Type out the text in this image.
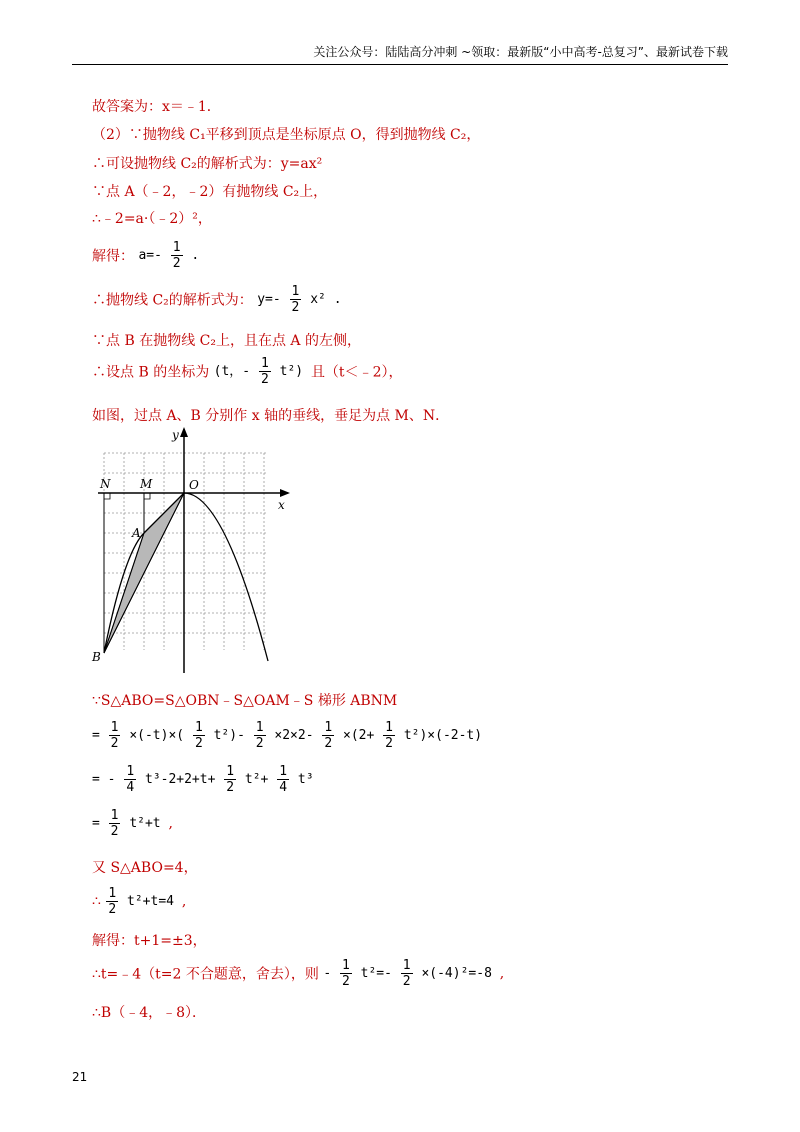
关注公众号：陆陆高分冲刺 ~领取：最新版“小中高考-总复习”、最新试卷下载
故答案为：x＝﹣1．
（2）∵抛物线 C₁平移到顶点是坐标原点 O，得到抛物线 C₂，
∴可设抛物线 C₂的解析式为：y=ax²
∵点 A（﹣2，﹣2）有抛物线 C₂上，
∴﹣2=a·（﹣2）²，
解得： $a=- \frac{1}{2}$ .
∴抛物线 C₂的解析式为： $y=- \frac{1}{2} x^2$ .
∵点 B 在抛物线 C₂上，且在点 A 的左侧，
∴设点 B 的坐标为 (t，- $\frac{1}{2} t^2$) 且（t＜﹣2），
如图，过点 A、B 分别作 x 轴的垂线，垂足为点 M、N．
y
x
O
N M
A
B
∵S△ABO=S△OBN﹣S△OAM﹣S 梯形 ABNM
= $\frac{1}{2} \times(-t)\times( \frac{1}{2} t^2)- \frac{1}{2} \times 2\times 2- \frac{1}{2} \times(2+ \frac{1}{2} t^2)\times(-2-t)$
= - $\frac{1}{4} t^3-2+2+t+ \frac{1}{2} t^2+ \frac{1}{4} t^3$
= $\frac{1}{2} t^2+t$ ,
又 S△ABO=4，
∴ $\frac{1}{2} t^2+t=4$ ,
解得：t+1=±3，
∴t=﹣4（t=2 不合题意，舍去），则 - $\frac{1}{2} t^2=- \frac{1}{2} \times(-4)^2=-8$ ,
∴B（﹣4，﹣8）．
21
